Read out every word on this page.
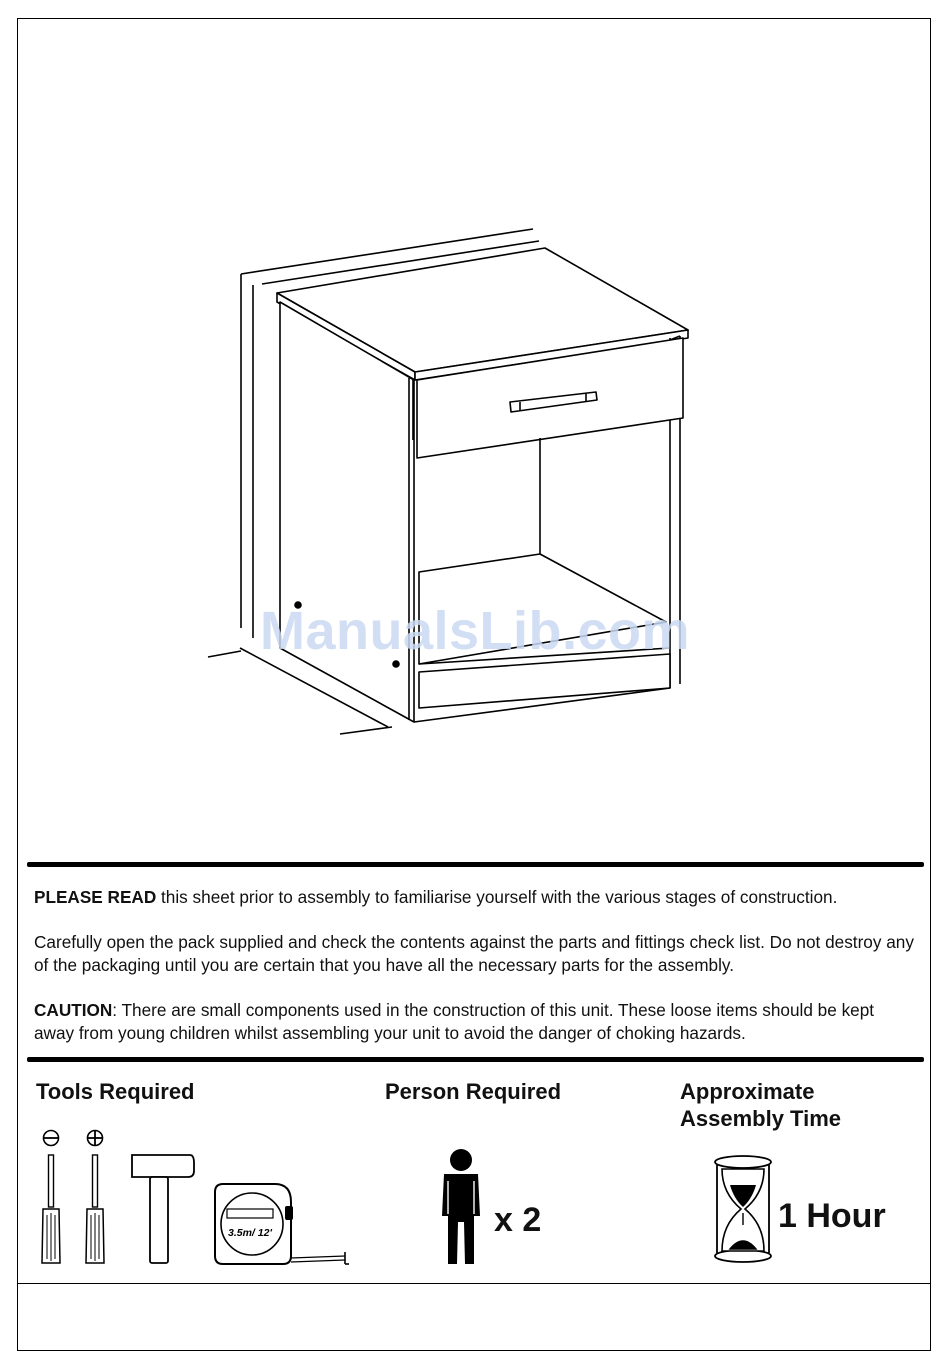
ManualsLib.com

PLEASE READ this sheet prior to assembly to familiarise yourself with the various stages of construction.

Carefully open the pack supplied and check the contents against the parts and fittings check list. Do not destroy any of the packaging until you are certain that you have all the necessary parts for the assembly.

CAUTION: There are small components used in the construction of this unit. These loose items should be kept away from young children whilst assembling your unit to avoid the danger of choking hazards.

Tools Required

3.5m/ 12'

Person Required

x 2

Approximate

Assembly Time

1 Hour
